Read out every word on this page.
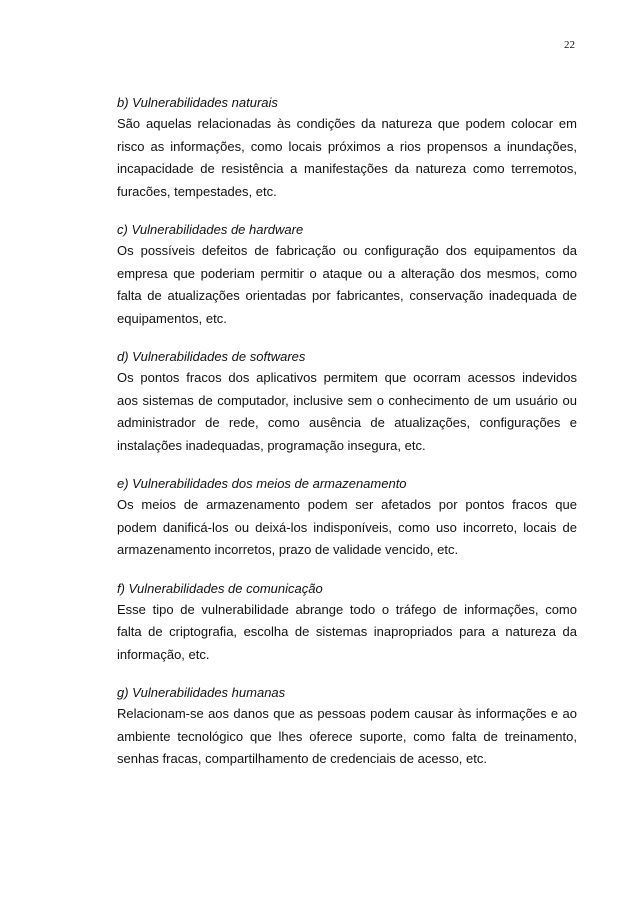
22
b) Vulnerabilidades naturais
São aquelas relacionadas às condições da natureza que podem colocar em
risco as informações, como locais próximos a rios propensos a inundações,
incapacidade de resistência a manifestações da natureza como terremotos,
furacões, tempestades, etc.
c) Vulnerabilidades de hardware
Os possíveis defeitos de fabricação ou configuração dos equipamentos da
empresa que poderiam permitir o ataque ou a alteração dos mesmos, como
falta de atualizações orientadas por fabricantes, conservação inadequada de
equipamentos, etc.
d) Vulnerabilidades de softwares
Os pontos fracos dos aplicativos permitem que ocorram acessos indevidos
aos sistemas de computador, inclusive sem o conhecimento de um usuário ou
administrador de rede, como ausência de atualizações, configurações e
instalações inadequadas, programação insegura, etc.
e) Vulnerabilidades dos meios de armazenamento
Os meios de armazenamento podem ser afetados por pontos fracos que
podem danificá-los ou deixá-los indisponíveis, como uso incorreto, locais de
armazenamento incorretos, prazo de validade vencido, etc.
f) Vulnerabilidades de comunicação
Esse tipo de vulnerabilidade abrange todo o tráfego de informações, como
falta de criptografia, escolha de sistemas inapropriados para a natureza da
informação, etc.
g) Vulnerabilidades humanas
Relacionam-se aos danos que as pessoas podem causar às informações e ao
ambiente tecnológico que lhes oferece suporte, como falta de treinamento,
senhas fracas, compartilhamento de credenciais de acesso, etc.
